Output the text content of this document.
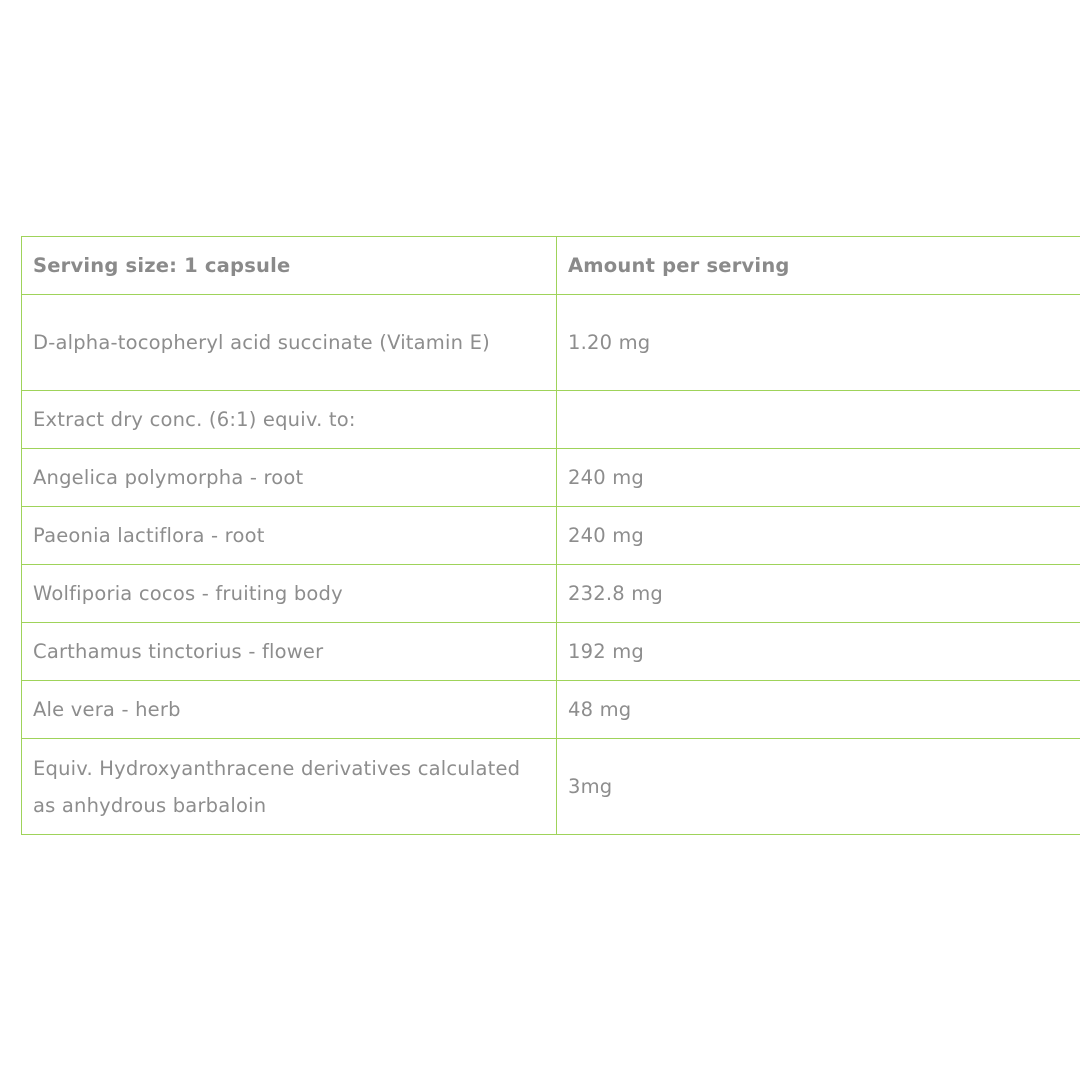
Serving size: 1 capsule	Amount per serving
D-alpha-tocopheryl acid succinate (Vitamin E)	1.20 mg
Extract dry conc. (6:1) equiv. to:	
Angelica polymorpha - root	240 mg
Paeonia lactiflora - root	240 mg
Wolfiporia cocos - fruiting body	232.8 mg
Carthamus tinctorius - flower	192 mg
Ale vera - herb	48 mg
Equiv. Hydroxyanthracene derivatives calculated as anhydrous barbaloin	3mg
